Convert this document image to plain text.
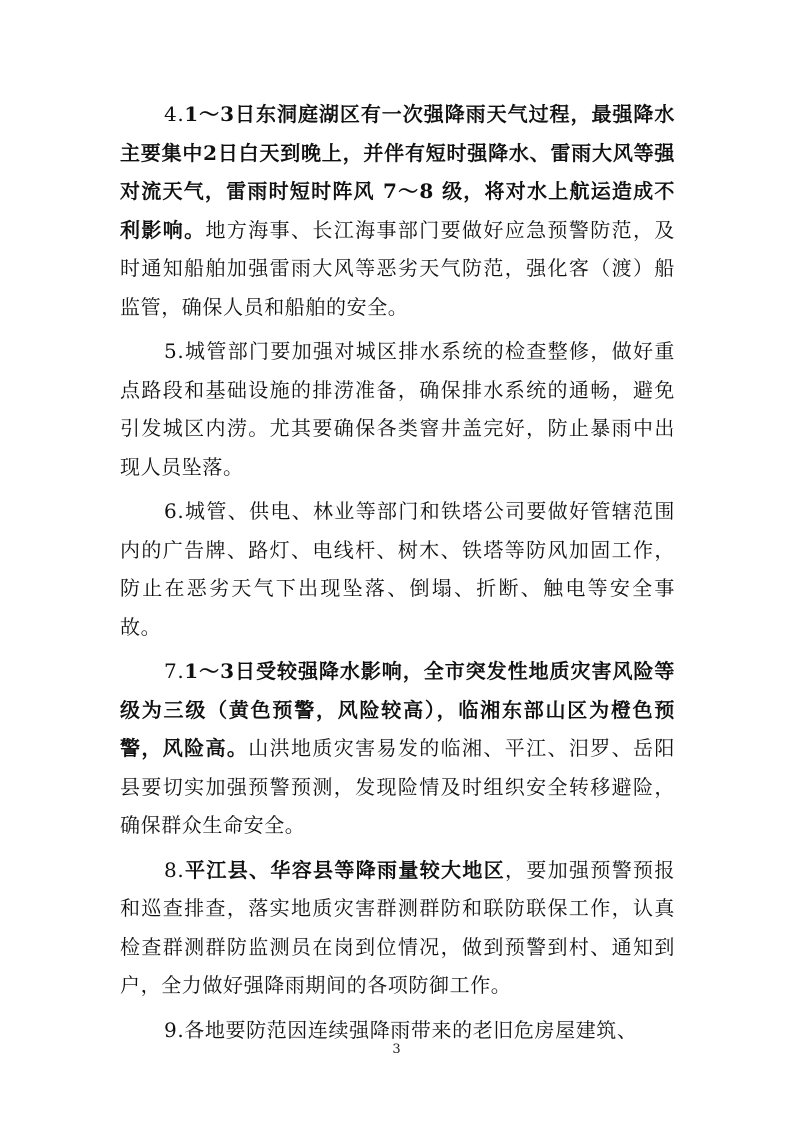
4.1～3日东洞庭湖区有一次强降雨天气过程，最强降水主要集中2日白天到晚上，并伴有短时强降水、雷雨大风等强对流天气，雷雨时短时阵风 7～8 级，将对水上航运造成不利影响。地方海事、长江海事部门要做好应急预警防范，及时通知船舶加强雷雨大风等恶劣天气防范，强化客（渡）船监管，确保人员和船舶的安全。

5.城管部门要加强对城区排水系统的检查整修，做好重点路段和基础设施的排涝准备，确保排水系统的通畅，避免引发城区内涝。尤其要确保各类窨井盖完好，防止暴雨中出现人员坠落。

6.城管、供电、林业等部门和铁塔公司要做好管辖范围内的广告牌、路灯、电线杆、树木、铁塔等防风加固工作，防止在恶劣天气下出现坠落、倒塌、折断、触电等安全事故。

7.1～3日受较强降水影响，全市突发性地质灾害风险等级为三级（黄色预警，风险较高），临湘东部山区为橙色预警，风险高。山洪地质灾害易发的临湘、平江、汨罗、岳阳县要切实加强预警预测，发现险情及时组织安全转移避险，确保群众生命安全。

8.平江县、华容县等降雨量较大地区，要加强预警预报和巡查排查，落实地质灾害群测群防和联防联保工作，认真检查群测群防监测员在岗到位情况，做到预警到村、通知到户，全力做好强降雨期间的各项防御工作。

9.各地要防范因连续强降雨带来的老旧危房屋建筑、

3
